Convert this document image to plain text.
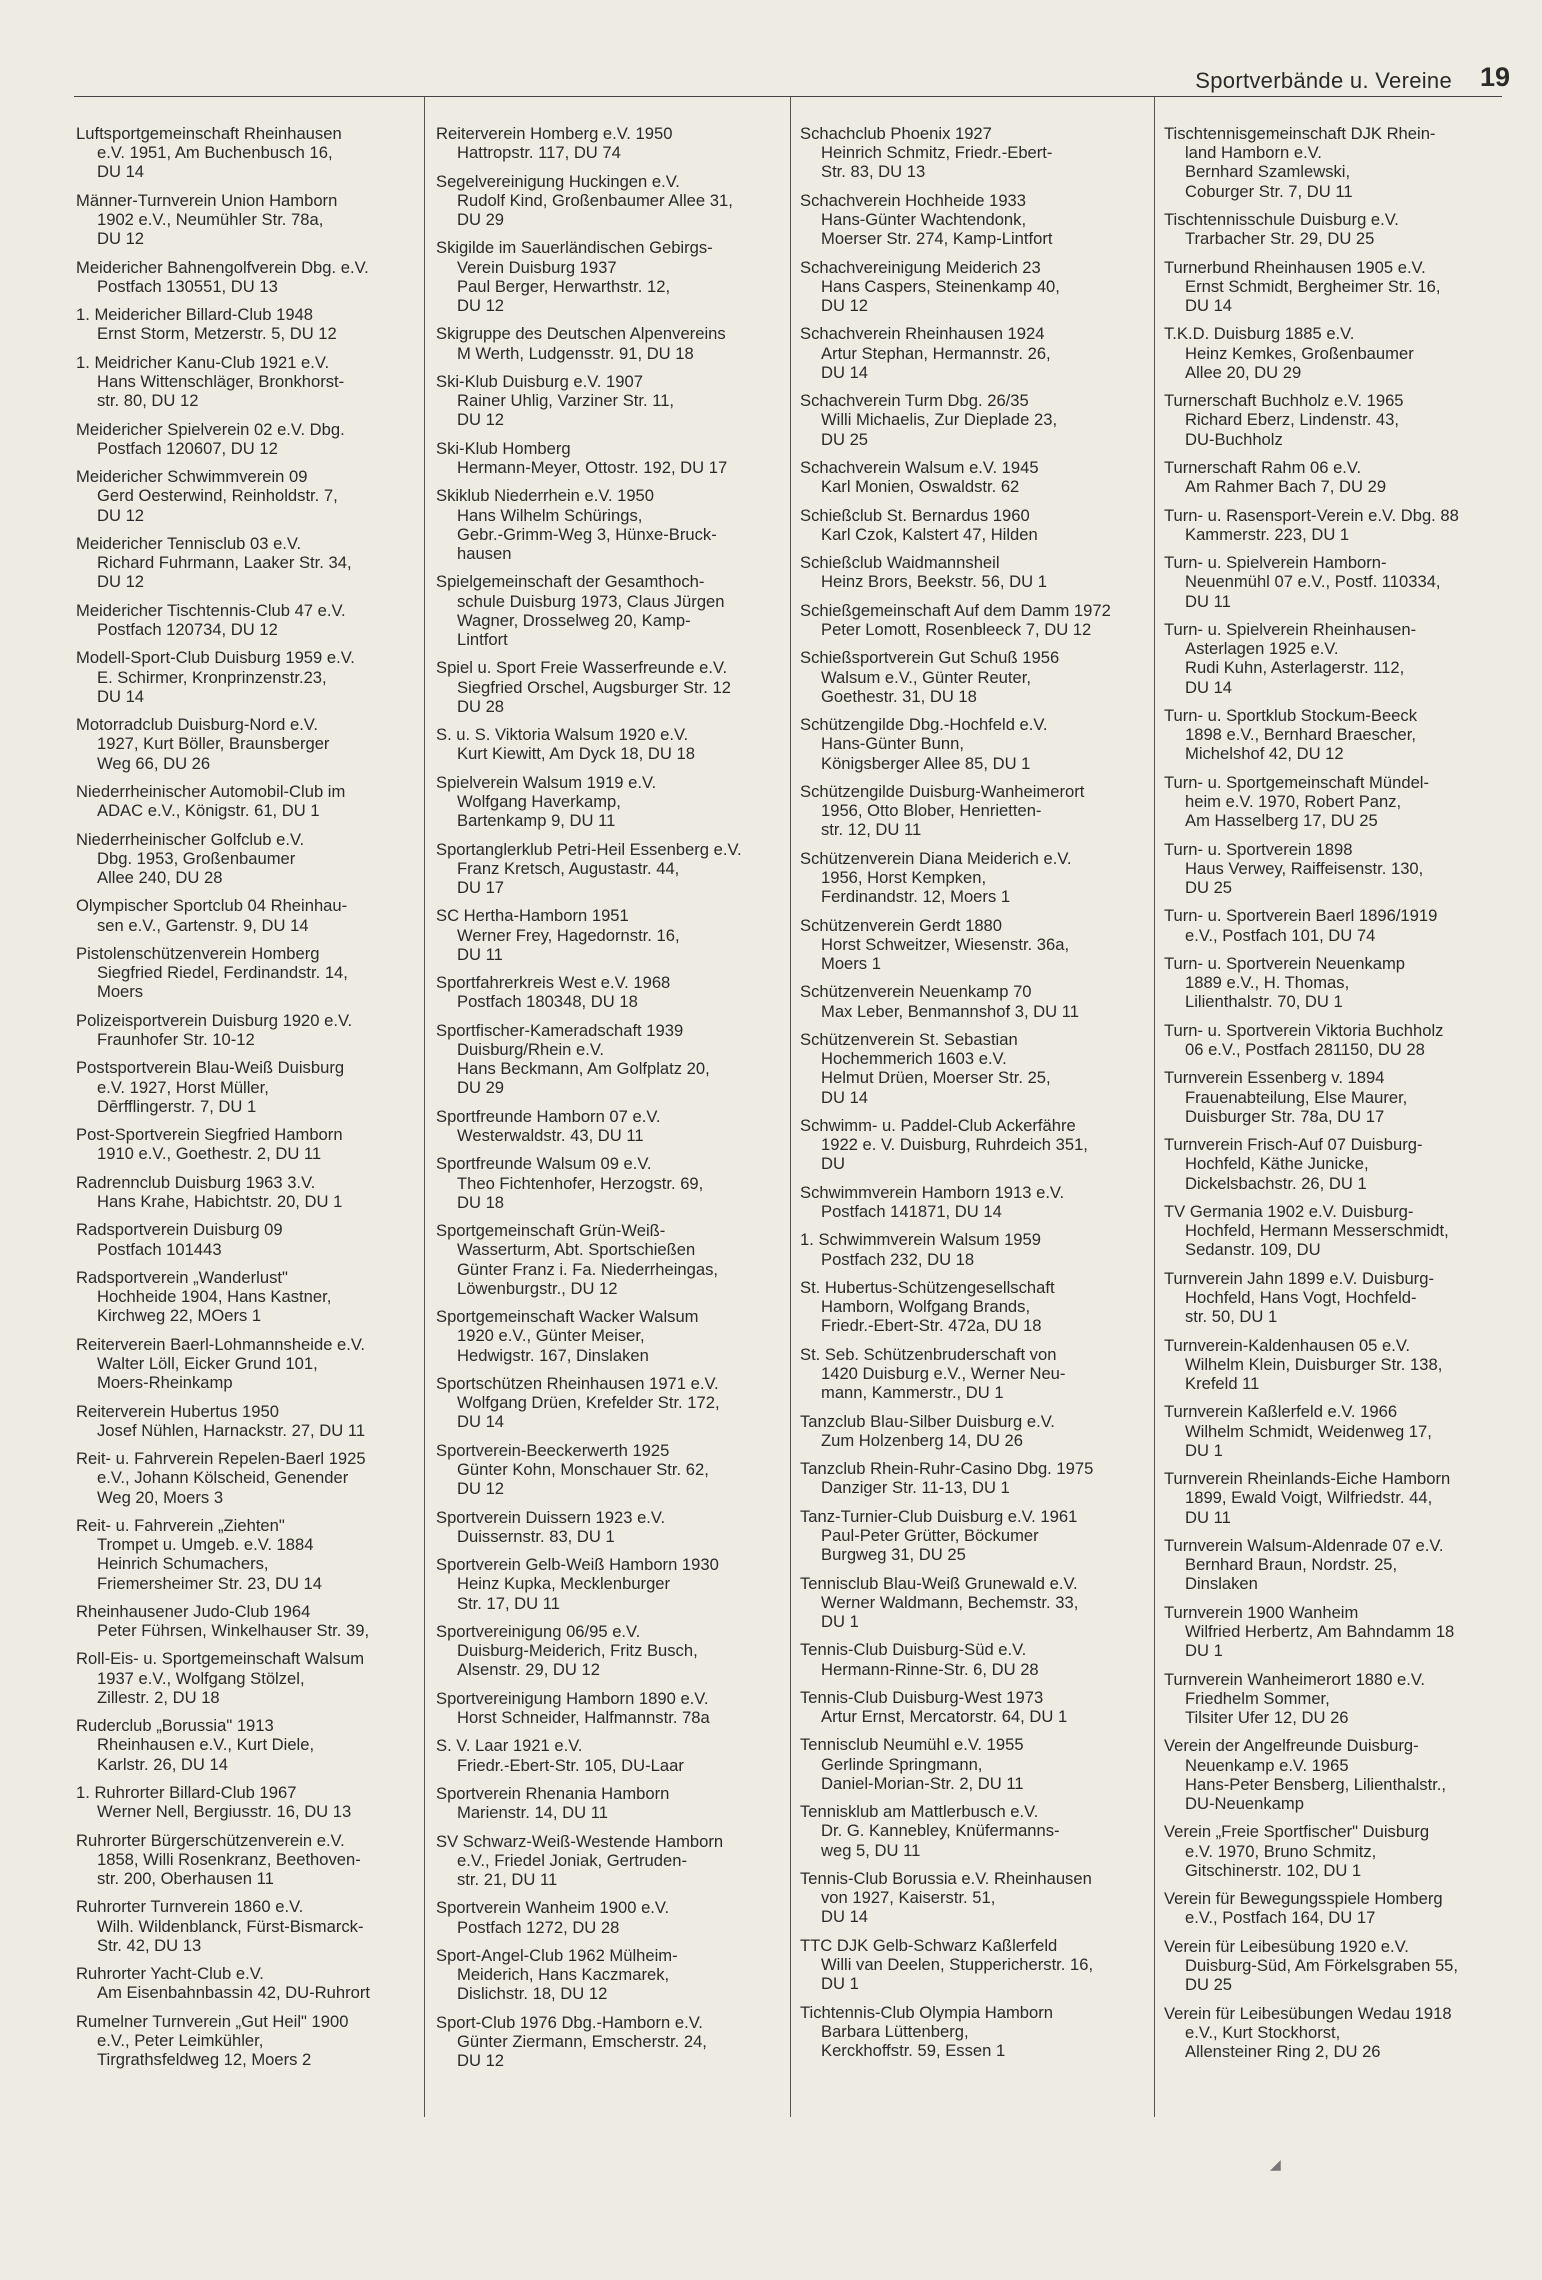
Sportverbände u. Vereine 19
Luftsportgemeinschaft Rheinhausen
e.V. 1951, Am Buchenbusch 16,
DU 14
Männer-Turnverein Union Hamborn
1902 e.V., Neumühler Str. 78a,
DU 12
Meidericher Bahnengolfverein Dbg. e.V.
Postfach 130551, DU 13
1. Meidericher Billard-Club 1948
Ernst Storm, Metzerstr. 5, DU 12
1. Meidricher Kanu-Club 1921 e.V.
Hans Wittenschläger, Bronkhorst-
str. 80, DU 12
Meidericher Spielverein 02 e.V. Dbg.
Postfach 120607, DU 12
Meidericher Schwimmverein 09
Gerd Oesterwind, Reinholdstr. 7,
DU 12
Meidericher Tennisclub 03 e.V.
Richard Fuhrmann, Laaker Str. 34,
DU 12
Meidericher Tischtennis-Club 47 e.V.
Postfach 120734, DU 12
Modell-Sport-Club Duisburg 1959 e.V.
E. Schirmer, Kronprinzenstr.23,
DU 14
Motorradclub Duisburg-Nord e.V.
1927, Kurt Böller, Braunsberger
Weg 66, DU 26
Niederrheinischer Automobil-Club im
ADAC e.V., Königstr. 61, DU 1
Niederrheinischer Golfclub e.V.
Dbg. 1953, Großenbaumer
Allee 240, DU 28
Olympischer Sportclub 04 Rheinhau-
sen e.V., Gartenstr. 9, DU 14
Pistolenschützenverein Homberg
Siegfried Riedel, Ferdinandstr. 14,
Moers
Polizeisportverein Duisburg 1920 e.V.
Fraunhofer Str. 10-12
Postsportverein Blau-Weiß Duisburg
e.V. 1927, Horst Müller,
Dērfflingerstr. 7, DU 1
Post-Sportverein Siegfried Hamborn
1910 e.V., Goethestr. 2, DU 11
Radrennclub Duisburg 1963 3.V.
Hans Krahe, Habichtstr. 20, DU 1
Radsportverein Duisburg 09
Postfach 101443
Radsportverein „Wanderlust"
Hochheide 1904, Hans Kastner,
Kirchweg 22, MOers 1
Reiterverein Baerl-Lohmannsheide e.V.
Walter Löll, Eicker Grund 101,
Moers-Rheinkamp
Reiterverein Hubertus 1950
Josef Nühlen, Harnackstr. 27, DU 11
Reit- u. Fahrverein Repelen-Baerl 1925
e.V., Johann Kölscheid, Genender
Weg 20, Moers 3
Reit- u. Fahrverein „Ziehten"
Trompet u. Umgeb. e.V. 1884
Heinrich Schumachers,
Friemersheimer Str. 23, DU 14
Rheinhausener Judo-Club 1964
Peter Führsen, Winkelhauser Str. 39,
Roll-Eis- u. Sportgemeinschaft Walsum
1937 e.V., Wolfgang Stölzel,
Zillestr. 2, DU 18
Ruderclub „Borussia" 1913
Rheinhausen e.V., Kurt Diele,
Karlstr. 26, DU 14
1. Ruhrorter Billard-Club 1967
Werner Nell, Bergiusstr. 16, DU 13
Ruhrorter Bürgerschützenverein e.V.
1858, Willi Rosenkranz, Beethoven-
str. 200, Oberhausen 11
Ruhrorter Turnverein 1860 e.V.
Wilh. Wildenblanck, Fürst-Bismarck-
Str. 42, DU 13
Ruhrorter Yacht-Club e.V.
Am Eisenbahnbassin 42, DU-Ruhrort
Rumelner Turnverein „Gut Heil" 1900
e.V., Peter Leimkühler,
Tirgrathsfeldweg 12, Moers 2
Reiterverein Homberg e.V. 1950
Hattropstr. 117, DU 74
Segelvereinigung Huckingen e.V.
Rudolf Kind, Großenbaumer Allee 31,
DU 29
Skigilde im Sauerländischen Gebirgs-
Verein Duisburg 1937
Paul Berger, Herwarthstr. 12,
DU 12
Skigruppe des Deutschen Alpenvereins
M Werth, Ludgensstr. 91, DU 18
Ski-Klub Duisburg e.V. 1907
Rainer Uhlig, Varziner Str. 11,
DU 12
Ski-Klub Homberg
Hermann-Meyer, Ottostr. 192, DU 17
Skiklub Niederrhein e.V. 1950
Hans Wilhelm Schürings,
Gebr.-Grimm-Weg 3, Hünxe-Bruck-
hausen
Spielgemeinschaft der Gesamthoch-
schule Duisburg 1973, Claus Jürgen
Wagner, Drosselweg 20, Kamp-
Lintfort
Spiel u. Sport Freie Wasserfreunde e.V.
Siegfried Orschel, Augsburger Str. 12
DU 28
S. u. S. Viktoria Walsum 1920 e.V.
Kurt Kiewitt, Am Dyck 18, DU 18
Spielverein Walsum 1919 e.V.
Wolfgang Haverkamp,
Bartenkamp 9, DU 11
Sportanglerklub Petri-Heil Essenberg e.V.
Franz Kretsch, Augustastr. 44,
DU 17
SC Hertha-Hamborn 1951
Werner Frey, Hagedornstr. 16,
DU 11
Sportfahrerkreis West e.V. 1968
Postfach 180348, DU 18
Sportfischer-Kameradschaft 1939
Duisburg/Rhein e.V.
Hans Beckmann, Am Golfplatz 20,
DU 29
Sportfreunde Hamborn 07 e.V.
Westerwaldstr. 43, DU 11
Sportfreunde Walsum 09 e.V.
Theo Fichtenhofer, Herzogstr. 69,
DU 18
Sportgemeinschaft Grün-Weiß-
Wasserturm, Abt. Sportschießen
Günter Franz i. Fa. Niederrheingas,
Löwenburgstr., DU 12
Sportgemeinschaft Wacker Walsum
1920 e.V., Günter Meiser,
Hedwigstr. 167, Dinslaken
Sportschützen Rheinhausen 1971 e.V.
Wolfgang Drüen, Krefelder Str. 172,
DU 14
Sportverein-Beeckerwerth 1925
Günter Kohn, Monschauer Str. 62,
DU 12
Sportverein Duissern 1923 e.V.
Duissernstr. 83, DU 1
Sportverein Gelb-Weiß Hamborn 1930
Heinz Kupka, Mecklenburger
Str. 17, DU 11
Sportvereinigung 06/95 e.V.
Duisburg-Meiderich, Fritz Busch,
Alsenstr. 29, DU 12
Sportvereinigung Hamborn 1890 e.V.
Horst Schneider, Halfmannstr. 78a
S. V. Laar 1921 e.V.
Friedr.-Ebert-Str. 105, DU-Laar
Sportverein Rhenania Hamborn
Marienstr. 14, DU 11
SV Schwarz-Weiß-Westende Hamborn
e.V., Friedel Joniak, Gertruden-
str. 21, DU 11
Sportverein Wanheim 1900 e.V.
Postfach 1272, DU 28
Sport-Angel-Club 1962 Mülheim-
Meiderich, Hans Kaczmarek,
Dislichstr. 18, DU 12
Sport-Club 1976 Dbg.-Hamborn e.V.
Günter Ziermann, Emscherstr. 24,
DU 12
Schachclub Phoenix 1927
Heinrich Schmitz, Friedr.-Ebert-
Str. 83, DU 13
Schachverein Hochheide 1933
Hans-Günter Wachtendonk,
Moerser Str. 274, Kamp-Lintfort
Schachvereinigung Meiderich 23
Hans Caspers, Steinenkamp 40,
DU 12
Schachverein Rheinhausen 1924
Artur Stephan, Hermannstr. 26,
DU 14
Schachverein Turm Dbg. 26/35
Willi Michaelis, Zur Dieplade 23,
DU 25
Schachverein Walsum e.V. 1945
Karl Monien, Oswaldstr. 62
Schießclub St. Bernardus 1960
Karl Czok, Kalstert 47, Hilden
Schießclub Waidmannsheil
Heinz Brors, Beekstr. 56, DU 1
Schießgemeinschaft Auf dem Damm 1972
Peter Lomott, Rosenbleeck 7, DU 12
Schießsportverein Gut Schuß 1956
Walsum e.V., Günter Reuter,
Goethestr. 31, DU 18
Schützengilde Dbg.-Hochfeld e.V.
Hans-Günter Bunn,
Königsberger Allee 85, DU 1
Schützengilde Duisburg-Wanheimerort
1956, Otto Blober, Henrietten-
str. 12, DU 11
Schützenverein Diana Meiderich e.V.
1956, Horst Kempken,
Ferdinandstr. 12, Moers 1
Schützenverein Gerdt 1880
Horst Schweitzer, Wiesenstr. 36a,
Moers 1
Schützenverein Neuenkamp 70
Max Leber, Benmannshof 3, DU 11
Schützenverein St. Sebastian
Hochemmerich 1603 e.V.
Helmut Drüen, Moerser Str. 25,
DU 14
Schwimm- u. Paddel-Club Ackerfähre
1922 e. V. Duisburg, Ruhrdeich 351,
DU
Schwimmverein Hamborn 1913 e.V.
Postfach 141871, DU 14
1. Schwimmverein Walsum 1959
Postfach 232, DU 18
St. Hubertus-Schützengesellschaft
Hamborn, Wolfgang Brands,
Friedr.-Ebert-Str. 472a, DU 18
St. Seb. Schützenbruderschaft von
1420 Duisburg e.V., Werner Neu-
mann, Kammerstr., DU 1
Tanzclub Blau-Silber Duisburg e.V.
Zum Holzenberg 14, DU 26
Tanzclub Rhein-Ruhr-Casino Dbg. 1975
Danziger Str. 11-13, DU 1
Tanz-Turnier-Club Duisburg e.V. 1961
Paul-Peter Grütter, Böckumer
Burgweg 31, DU 25
Tennisclub Blau-Weiß Grunewald e.V.
Werner Waldmann, Bechemstr. 33,
DU 1
Tennis-Club Duisburg-Süd e.V.
Hermann-Rinne-Str. 6, DU 28
Tennis-Club Duisburg-West 1973
Artur Ernst, Mercatorstr. 64, DU 1
Tennisclub Neumühl e.V. 1955
Gerlinde Springmann,
Daniel-Morian-Str. 2, DU 11
Tennisklub am Mattlerbusch e.V.
Dr. G. Kannebley, Knüfermanns-
weg 5, DU 11
Tennis-Club Borussia e.V. Rheinhausen
von 1927, Kaiserstr. 51,
DU 14
TTC DJK Gelb-Schwarz Kaßlerfeld
Willi van Deelen, Stuppericherstr. 16,
DU 1
Tichtennis-Club Olympia Hamborn
Barbara Lüttenberg,
Kerckhoffstr. 59, Essen 1
Tischtennisgemeinschaft DJK Rhein-
land Hamborn e.V.
Bernhard Szamlewski,
Coburger Str. 7, DU 11
Tischtennisschule Duisburg e.V.
Trarbacher Str. 29, DU 25
Turnerbund Rheinhausen 1905 e.V.
Ernst Schmidt, Bergheimer Str. 16,
DU 14
T.K.D. Duisburg 1885 e.V.
Heinz Kemkes, Großenbaumer
Allee 20, DU 29
Turnerschaft Buchholz e.V. 1965
Richard Eberz, Lindenstr. 43,
DU-Buchholz
Turnerschaft Rahm 06 e.V.
Am Rahmer Bach 7, DU 29
Turn- u. Rasensport-Verein e.V. Dbg. 88
Kammerstr. 223, DU 1
Turn- u. Spielverein Hamborn-
Neuenmühl 07 e.V., Postf. 110334,
DU 11
Turn- u. Spielverein Rheinhausen-
Asterlagen 1925 e.V.
Rudi Kuhn, Asterlagerstr. 112,
DU 14
Turn- u. Sportklub Stockum-Beeck
1898 e.V., Bernhard Braescher,
Michelshof 42, DU 12
Turn- u. Sportgemeinschaft Mündel-
heim e.V. 1970, Robert Panz,
Am Hasselberg 17, DU 25
Turn- u. Sportverein 1898
Haus Verwey, Raiffeisenstr. 130,
DU 25
Turn- u. Sportverein Baerl 1896/1919
e.V., Postfach 101, DU 74
Turn- u. Sportverein Neuenkamp
1889 e.V., H. Thomas,
Lilienthalstr. 70, DU 1
Turn- u. Sportverein Viktoria Buchholz
06 e.V., Postfach 281150, DU 28
Turnverein Essenberg v. 1894
Frauenabteilung, Else Maurer,
Duisburger Str. 78a, DU 17
Turnverein Frisch-Auf 07 Duisburg-
Hochfeld, Käthe Junicke,
Dickelsbachstr. 26, DU 1
TV Germania 1902 e.V. Duisburg-
Hochfeld, Hermann Messerschmidt,
Sedanstr. 109, DU
Turnverein Jahn 1899 e.V. Duisburg-
Hochfeld, Hans Vogt, Hochfeld-
str. 50, DU 1
Turnverein-Kaldenhausen 05 e.V.
Wilhelm Klein, Duisburger Str. 138,
Krefeld 11
Turnverein Kaßlerfeld e.V. 1966
Wilhelm Schmidt, Weidenweg 17,
DU 1
Turnverein Rheinlands-Eiche Hamborn
1899, Ewald Voigt, Wilfriedstr. 44,
DU 11
Turnverein Walsum-Aldenrade 07 e.V.
Bernhard Braun, Nordstr. 25,
Dinslaken
Turnverein 1900 Wanheim
Wilfried Herbertz, Am Bahndamm 18
DU 1
Turnverein Wanheimerort 1880 e.V.
Friedhelm Sommer,
Tilsiter Ufer 12, DU 26
Verein der Angelfreunde Duisburg-
Neuenkamp e.V. 1965
Hans-Peter Bensberg, Lilienthalstr.,
DU-Neuenkamp
Verein „Freie Sportfischer" Duisburg
e.V. 1970, Bruno Schmitz,
Gitschinerstr. 102, DU 1
Verein für Bewegungsspiele Homberg
e.V., Postfach 164, DU 17
Verein für Leibesübung 1920 e.V.
Duisburg-Süd, Am Förkelsgraben 55,
DU 25
Verein für Leibesübungen Wedau 1918
e.V., Kurt Stockhorst,
Allensteiner Ring 2, DU 26
◢
